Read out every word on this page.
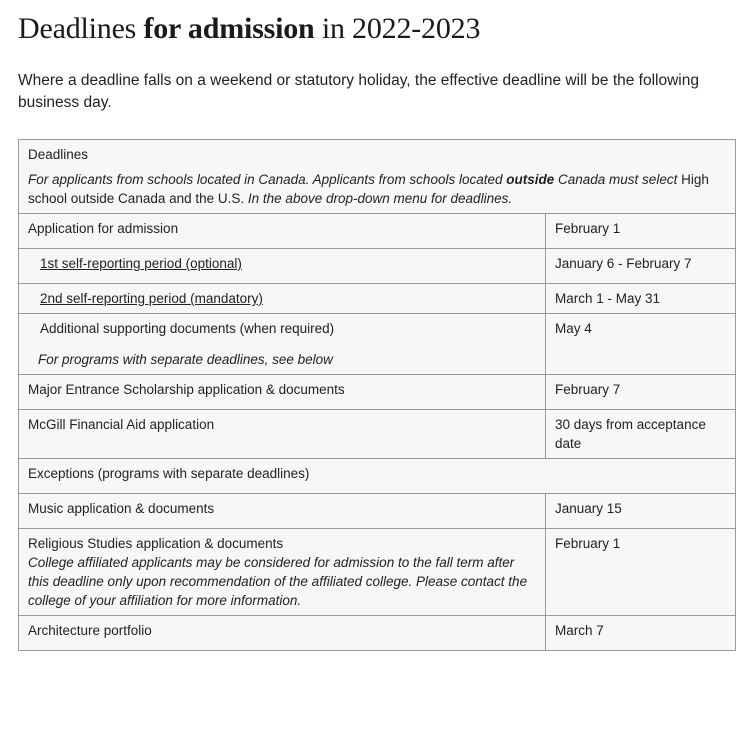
Deadlines for admission in 2022-2023

Where a deadline falls on a weekend or statutory holiday, the effective deadline will be the following business day.

Deadlines
For applicants from schools located in Canada. Applicants from schools located outside Canada must select High school outside Canada and the U.S. In the above drop-down menu for deadlines.	

Application for admission	February 1
1st self-reporting period (optional)	January 6 - February 7
2nd self-reporting period (mandatory)	March 1 - May 31
Additional supporting documents (when required)
For programs with separate deadlines, see below	May 4
Major Entrance Scholarship application & documents	February 7
McGill Financial Aid application	30 days from acceptance date
Exceptions (programs with separate deadlines)	
Music application & documents	January 15
Religious Studies application & documents
College affiliated applicants may be considered for admission to the fall term after this deadline only upon recommendation of the affiliated college. Please contact the college of your affiliation for more information.	February 1
Architecture portfolio	March 7
